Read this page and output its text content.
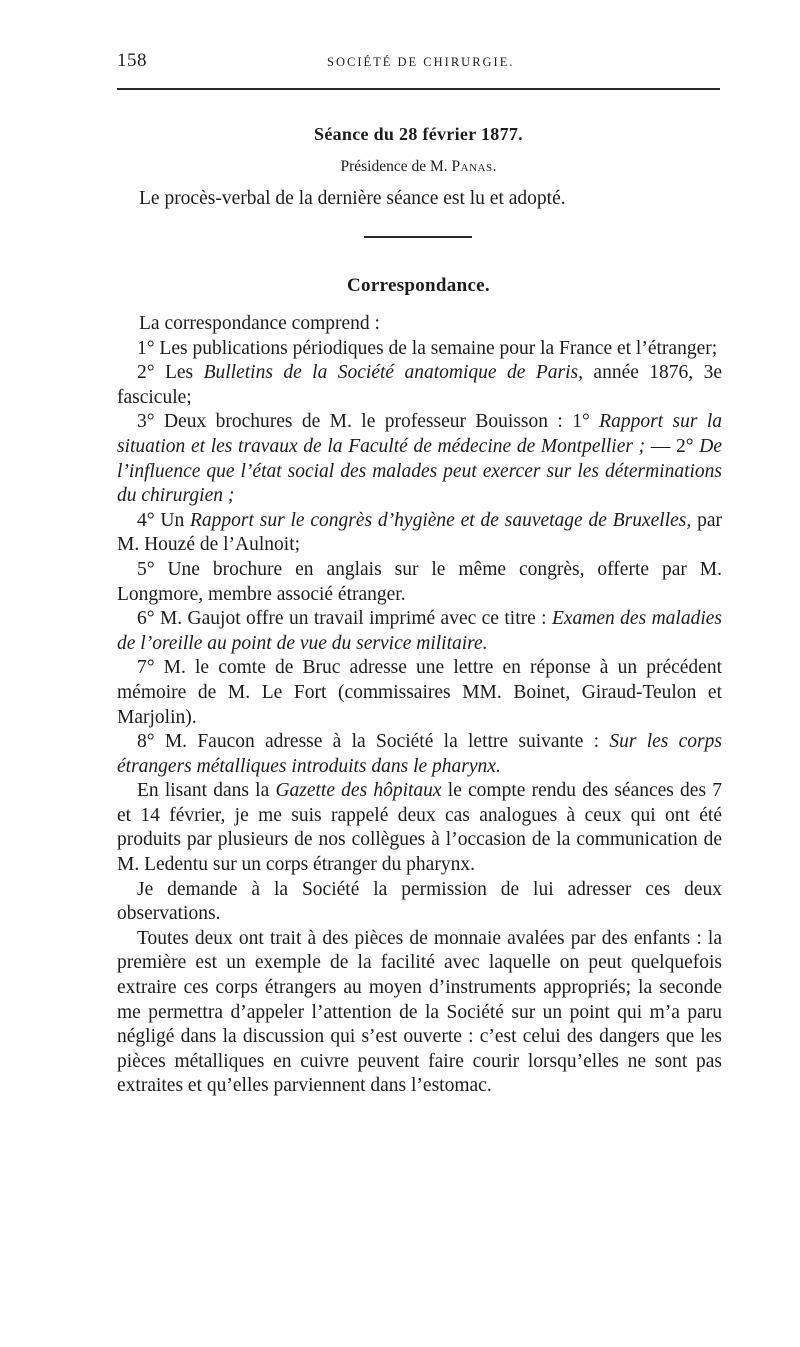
158	SOCIÉTÉ DE CHIRURGIE.
Séance du 28 février 1877.
Présidence de M. Panas.
Le procès-verbal de la dernière séance est lu et adopté.
Correspondance.

La correspondance comprend :

1° Les publications périodiques de la semaine pour la France et l’étranger;

2° Les Bulletins de la Société anatomique de Paris, année 1876, 3e fascicule;

3° Deux brochures de M. le professeur Bouisson : 1° Rapport sur la situation et les travaux de la Faculté de médecine de Montpellier ; — 2° De l’influence que l’état social des malades peut exercer sur les déterminations du chirurgien ;

4° Un Rapport sur le congrès d’hygiène et de sauvetage de Bruxelles, par M. Houzé de l’Aulnoit;

5° Une brochure en anglais sur le même congrès, offerte par M. Longmore, membre associé étranger.

6° M. Gaujot offre un travail imprimé avec ce titre : Examen des maladies de l’oreille au point de vue du service militaire.

7° M. le comte de Bruc adresse une lettre en réponse à un précédent mémoire de M. Le Fort (commissaires MM. Boinet, Giraud-Teulon et Marjolin).

8° M. Faucon adresse à la Société la lettre suivante : Sur les corps étrangers métalliques introduits dans le pharynx.

En lisant dans la Gazette des hôpitaux le compte rendu des séances des 7 et 14 février, je me suis rappelé deux cas analogues à ceux qui ont été produits par plusieurs de nos collègues à l’occasion de la communication de M. Ledentu sur un corps étranger du pharynx.

Je demande à la Société la permission de lui adresser ces deux observations.

Toutes deux ont trait à des pièces de monnaie avalées par des enfants : la première est un exemple de la facilité avec laquelle on peut quelquefois extraire ces corps étrangers au moyen d’instruments appropriés; la seconde me permettra d’appeler l’attention de la Société sur un point qui m’a paru négligé dans la discussion qui s’est ouverte : c’est celui des dangers que les pièces métalliques en cuivre peuvent faire courir lorsqu’elles ne sont pas extraites et qu’elles parviennent dans l’estomac.
